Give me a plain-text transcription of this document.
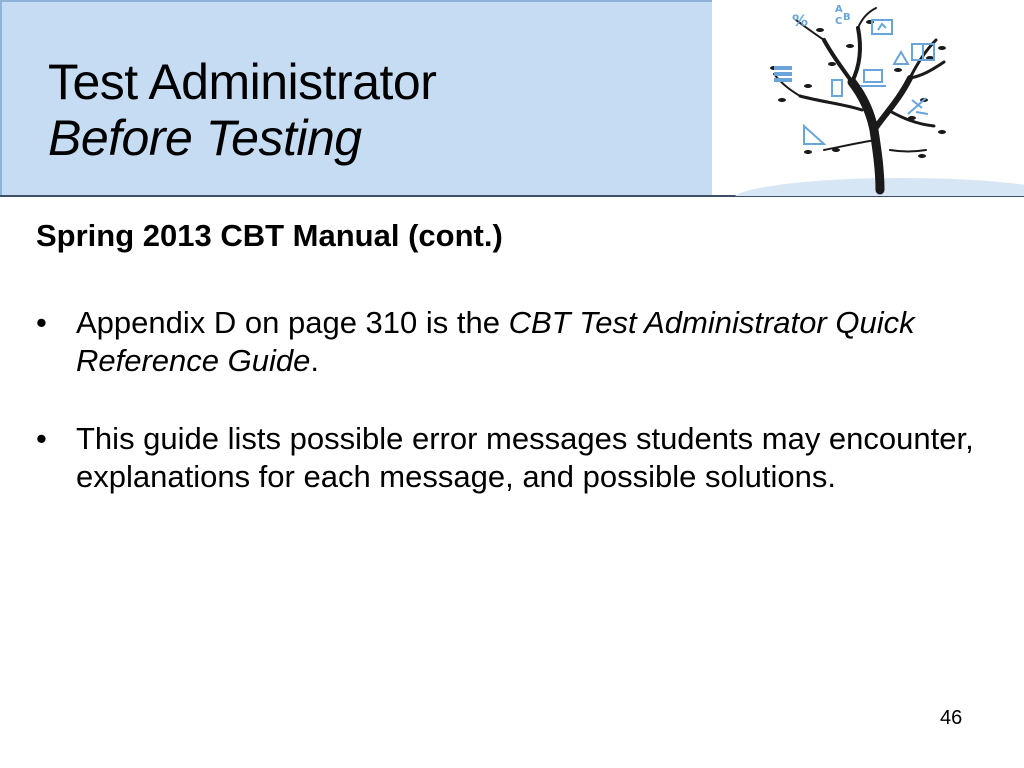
Test Administrator
Before Testing
%
A
B
C
Spring 2013 CBT Manual (cont.)
• Appendix D on page 310 is the CBT Test Administrator Quick Reference Guide.
• This guide lists possible error messages students may encounter, explanations for each message, and possible solutions.
46
